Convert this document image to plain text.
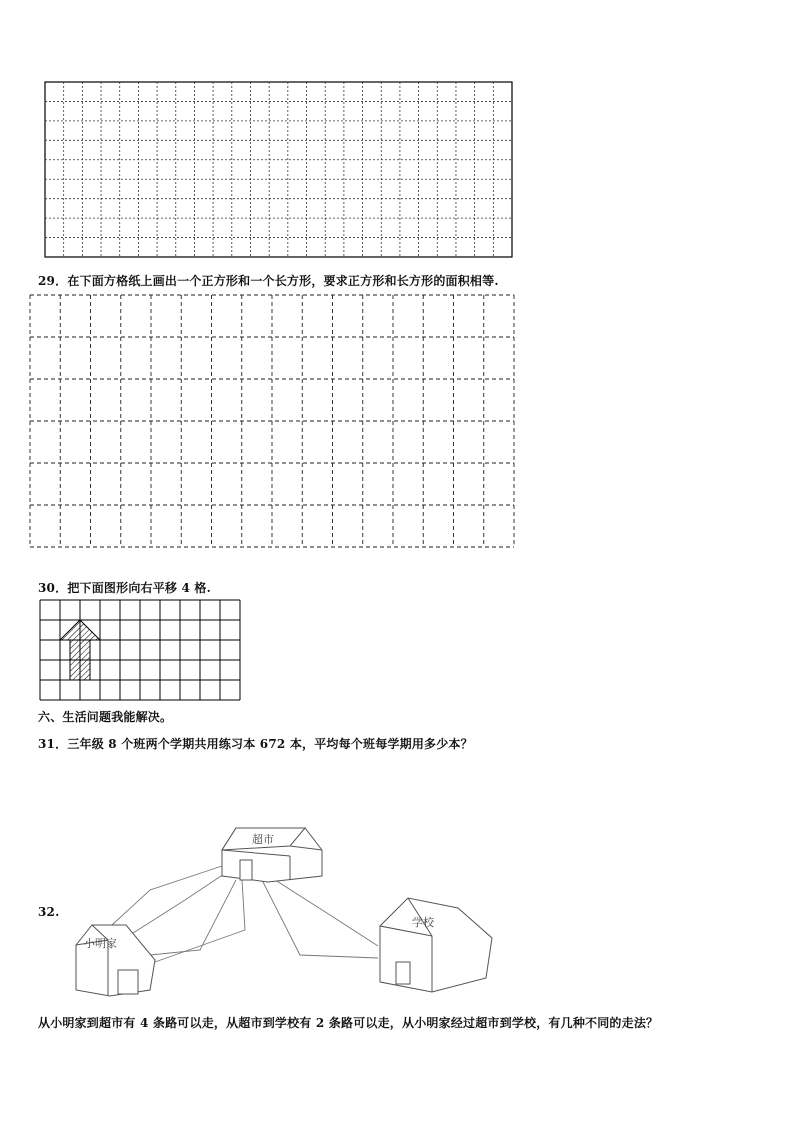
29．在下面方格纸上画出一个正方形和一个长方形，要求正方形和长方形的面积相等.
30．把下面图形向右平移 4 格.
六、生活问题我能解决。
31．三年级 8 个班两个学期共用练习本 672 本，平均每个班每学期用多少本？
32.
超市
小明家
学校
从小明家到超市有 4 条路可以走，从超市到学校有 2 条路可以走，从小明家经过超市到学校，有几种不同的走法？
